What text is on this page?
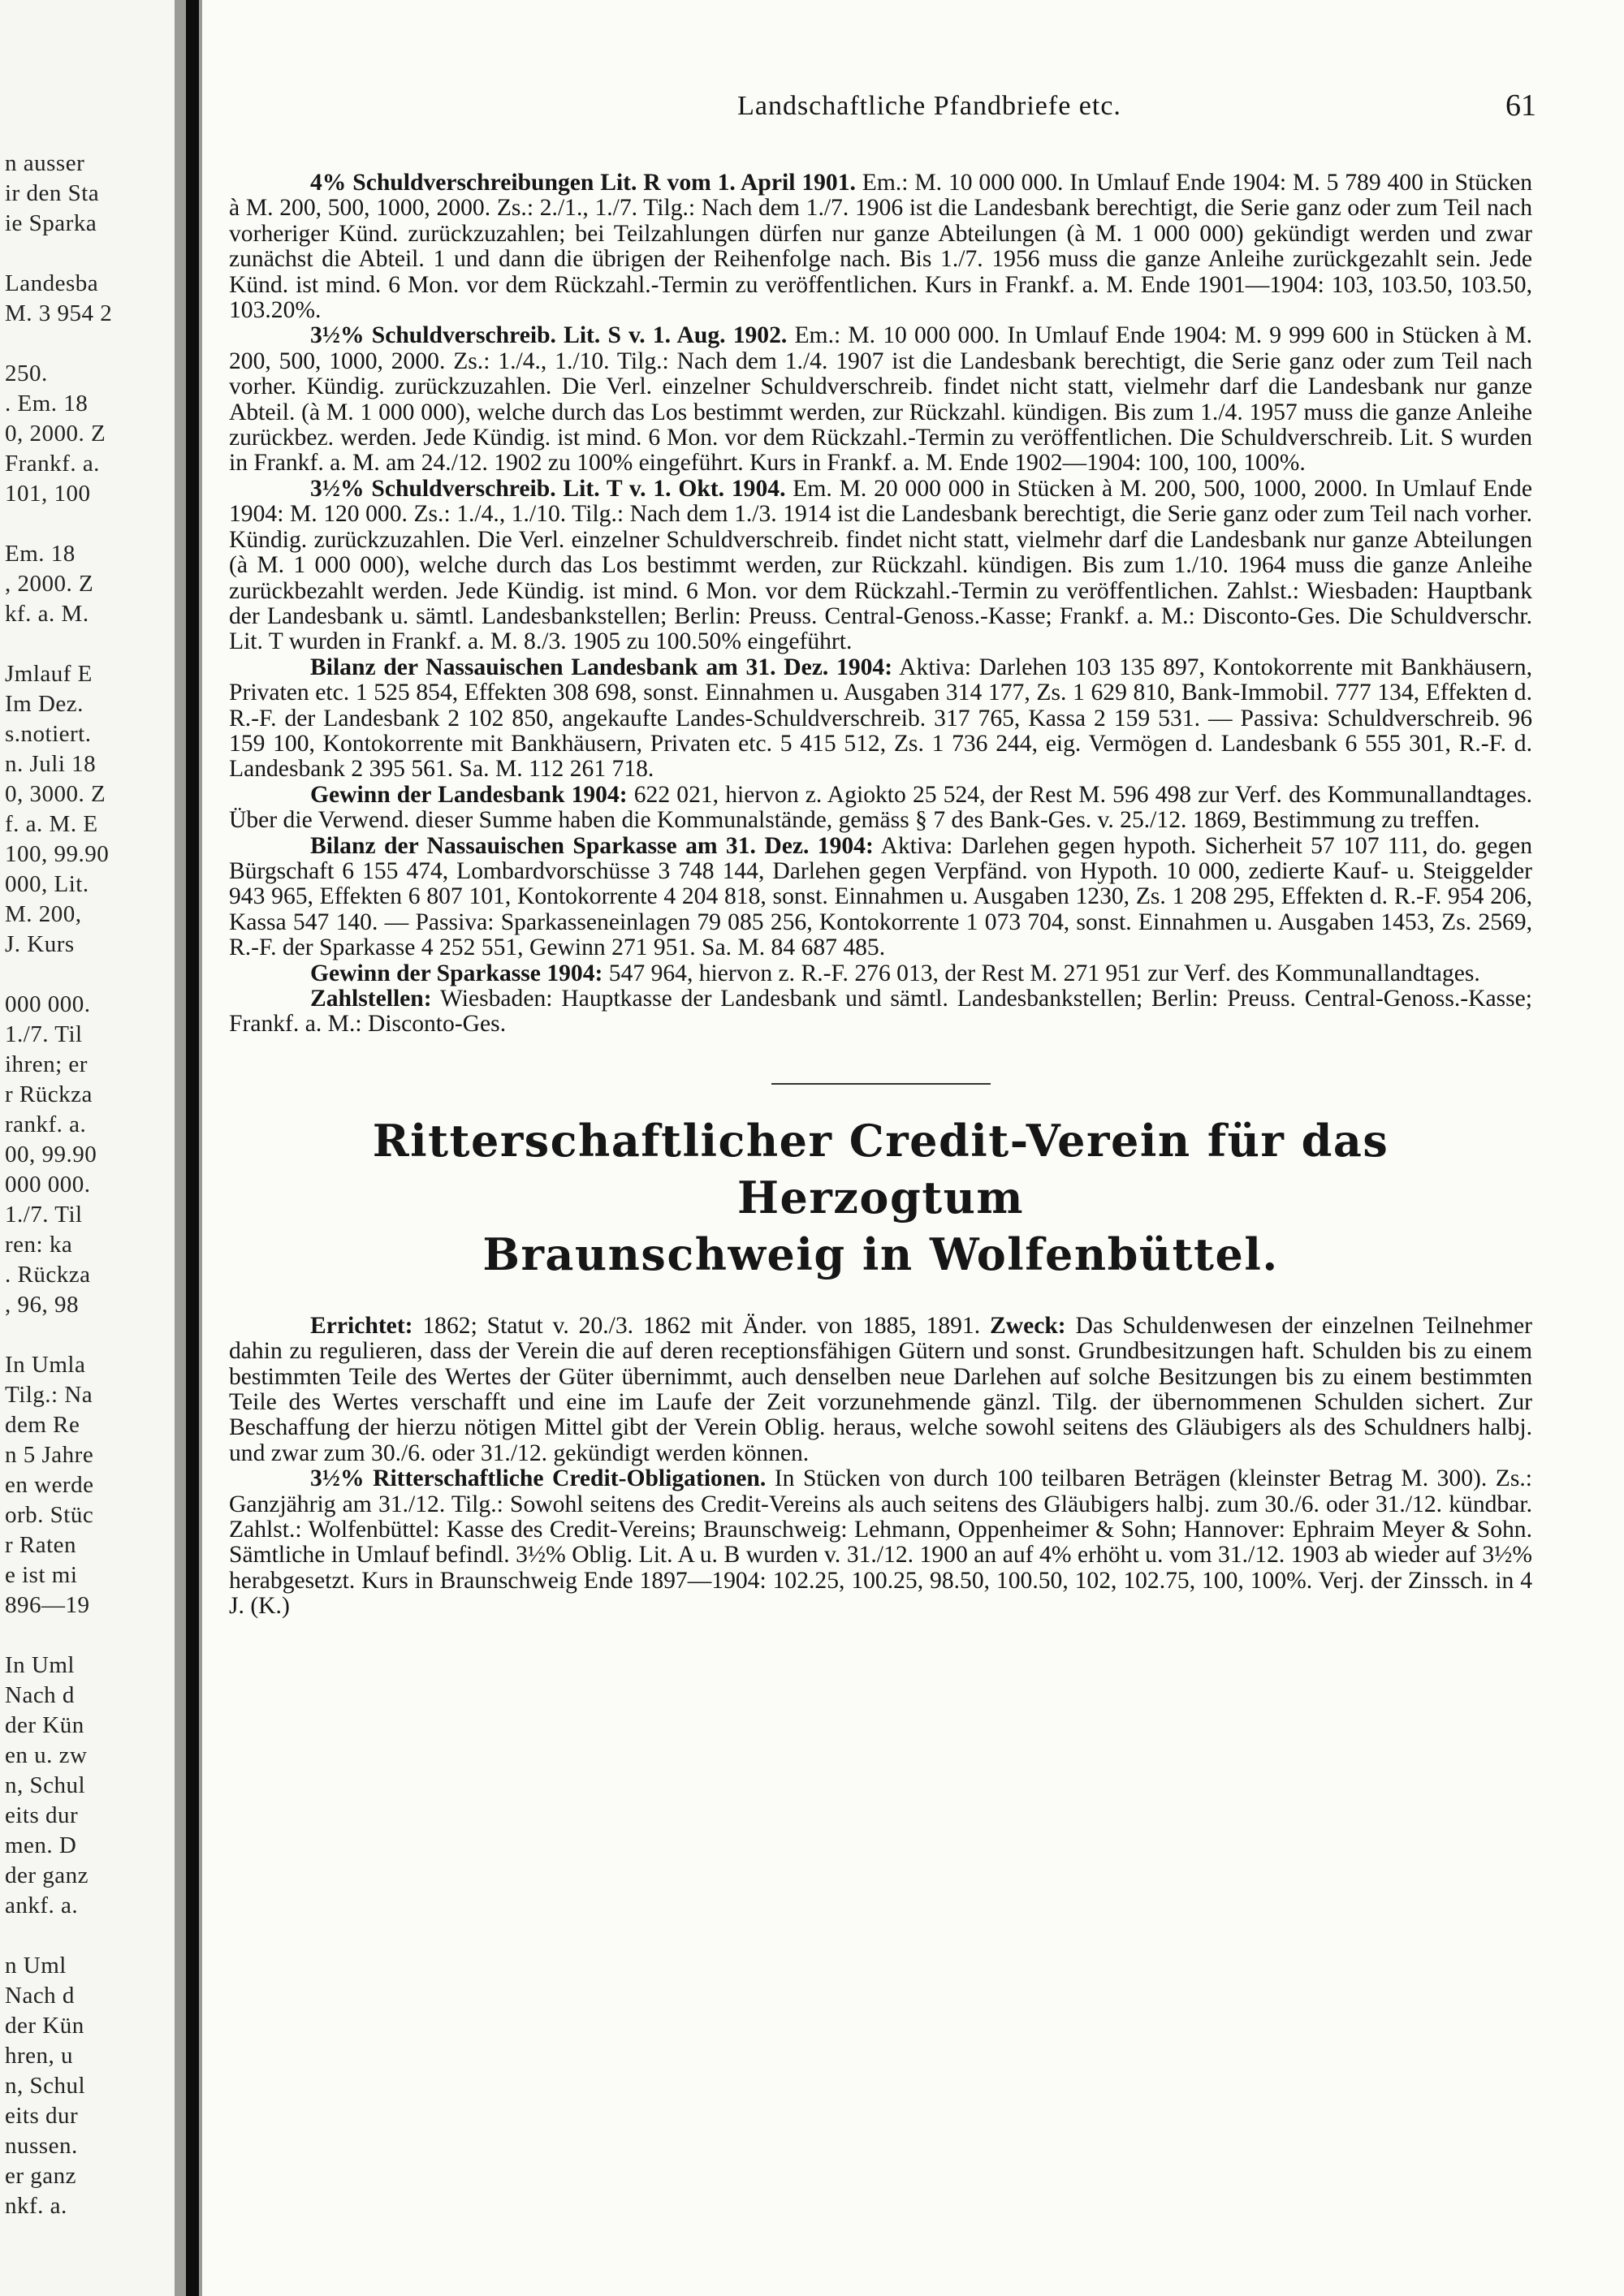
n ausser
ir den Sta
ie Sparka
Landesba
M. 3 954 2
250.
. Em. 18
0, 2000. Z
Frankf. a.
101, 100
Em. 18
, 2000. Z
kf. a. M.
Jmlauf E
Im Dez.
s.notiert.
n. Juli 18
0, 3000. Z
f. a. M. E
100, 99.90
000, Lit.
M. 200,
J. Kurs
000 000.
1./7. Til
ihren; er
r Rückza
rankf. a.
00, 99.90
000 000.
1./7. Til
ren: ka
. Rückza
, 96, 98
In Umla
Tilg.: Na
dem Re
n 5 Jahre
en werde
orb. Stüc
r Raten
e ist mi
896—19
In Uml
Nach d
der Kün
en u. zw
n, Schul
eits dur
men. D
der ganz
ankf. a.
n Uml
Nach d
der Kün
hren, u
n, Schul
eits dur
nussen.
er ganz
nkf. a.
Landschaftliche Pfandbriefe etc.	61

4% Schuldverschreibungen Lit. R vom 1. April 1901. Em.: M. 10 000 000. In Umlauf Ende 1904: M. 5 789 400 in Stücken à M. 200, 500, 1000, 2000. Zs.: 2./1., 1./7. Tilg.: Nach dem 1./7. 1906 ist die Landesbank berechtigt, die Serie ganz oder zum Teil nach vorheriger Künd. zurückzuzahlen; bei Teilzahlungen dürfen nur ganze Abteilungen (à M. 1 000 000) gekündigt werden und zwar zunächst die Abteil. 1 und dann die übrigen der Reihenfolge nach. Bis 1./7. 1956 muss die ganze Anleihe zurückgezahlt sein. Jede Künd. ist mind. 6 Mon. vor dem Rückzahl.-Termin zu veröffentlichen. Kurs in Frankf. a. M. Ende 1901—1904: 103, 103.50, 103.50, 103.20%.

3½% Schuldverschreib. Lit. S v. 1. Aug. 1902. Em.: M. 10 000 000. In Umlauf Ende 1904: M. 9 999 600 in Stücken à M. 200, 500, 1000, 2000. Zs.: 1./4., 1./10. Tilg.: Nach dem 1./4. 1907 ist die Landesbank berechtigt, die Serie ganz oder zum Teil nach vorher. Kündig. zurückzuzahlen. Die Verl. einzelner Schuldverschreib. findet nicht statt, vielmehr darf die Landesbank nur ganze Abteil. (à M. 1 000 000), welche durch das Los bestimmt werden, zur Rückzahl. kündigen. Bis zum 1./4. 1957 muss die ganze Anleihe zurückbez. werden. Jede Kündig. ist mind. 6 Mon. vor dem Rückzahl.-Termin zu veröffentlichen. Die Schuldverschreib. Lit. S wurden in Frankf. a. M. am 24./12. 1902 zu 100% eingeführt. Kurs in Frankf. a. M. Ende 1902—1904: 100, 100, 100%.

3½% Schuldverschreib. Lit. T v. 1. Okt. 1904. Em. M. 20 000 000 in Stücken à M. 200, 500, 1000, 2000. In Umlauf Ende 1904: M. 120 000. Zs.: 1./4., 1./10. Tilg.: Nach dem 1./3. 1914 ist die Landesbank berechtigt, die Serie ganz oder zum Teil nach vorher. Kündig. zurückzuzahlen. Die Verl. einzelner Schuldverschreib. findet nicht statt, vielmehr darf die Landesbank nur ganze Abteilungen (à M. 1 000 000), welche durch das Los bestimmt werden, zur Rückzahl. kündigen. Bis zum 1./10. 1964 muss die ganze Anleihe zurückbezahlt werden. Jede Kündig. ist mind. 6 Mon. vor dem Rückzahl.-Termin zu veröffentlichen. Zahlst.: Wiesbaden: Hauptbank der Landesbank u. sämtl. Landesbankstellen; Berlin: Preuss. Central-Genoss.-Kasse; Frankf. a. M.: Disconto-Ges. Die Schuldverschr. Lit. T wurden in Frankf. a. M. 8./3. 1905 zu 100.50% eingeführt.

Bilanz der Nassauischen Landesbank am 31. Dez. 1904: Aktiva: Darlehen 103 135 897, Kontokorrente mit Bankhäusern, Privaten etc. 1 525 854, Effekten 308 698, sonst. Einnahmen u. Ausgaben 314 177, Zs. 1 629 810, Bank-Immobil. 777 134, Effekten d. R.-F. der Landesbank 2 102 850, angekaufte Landes-Schuldverschreib. 317 765, Kassa 2 159 531. — Passiva: Schuldverschreib. 96 159 100, Kontokorrente mit Bankhäusern, Privaten etc. 5 415 512, Zs. 1 736 244, eig. Vermögen d. Landesbank 6 555 301, R.-F. d. Landesbank 2 395 561. Sa. M. 112 261 718.

Gewinn der Landesbank 1904: 622 021, hiervon z. Agiokto 25 524, der Rest M. 596 498 zur Verf. des Kommunallandtages. Über die Verwend. dieser Summe haben die Kommunalstände, gemäss § 7 des Bank-Ges. v. 25./12. 1869, Bestimmung zu treffen.

Bilanz der Nassauischen Sparkasse am 31. Dez. 1904: Aktiva: Darlehen gegen hypoth. Sicherheit 57 107 111, do. gegen Bürgschaft 6 155 474, Lombardvorschüsse 3 748 144, Darlehen gegen Verpfänd. von Hypoth. 10 000, zedierte Kauf- u. Steiggelder 943 965, Effekten 6 807 101, Kontokorrente 4 204 818, sonst. Einnahmen u. Ausgaben 1230, Zs. 1 208 295, Effekten d. R.-F. 954 206, Kassa 547 140. — Passiva: Sparkasseneinlagen 79 085 256, Kontokorrente 1 073 704, sonst. Einnahmen u. Ausgaben 1453, Zs. 2569, R.-F. der Sparkasse 4 252 551, Gewinn 271 951. Sa. M. 84 687 485.

Gewinn der Sparkasse 1904: 547 964, hiervon z. R.-F. 276 013, der Rest M. 271 951 zur Verf. des Kommunallandtages.

Zahlstellen: Wiesbaden: Hauptkasse der Landesbank und sämtl. Landesbankstellen; Berlin: Preuss. Central-Genoss.-Kasse; Frankf. a. M.: Disconto-Ges.

Ritterschaftlicher Credit-Verein für das Herzogtum
Braunschweig in Wolfenbüttel.

Errichtet: 1862; Statut v. 20./3. 1862 mit Änder. von 1885, 1891. Zweck: Das Schuldenwesen der einzelnen Teilnehmer dahin zu regulieren, dass der Verein die auf deren receptionsfähigen Gütern und sonst. Grundbesitzungen haft. Schulden bis zu einem bestimmten Teile des Wertes der Güter übernimmt, auch denselben neue Darlehen auf solche Besitzungen bis zu einem bestimmten Teile des Wertes verschafft und eine im Laufe der Zeit vorzunehmende gänzl. Tilg. der übernommenen Schulden sichert. Zur Beschaffung der hierzu nötigen Mittel gibt der Verein Oblig. heraus, welche sowohl seitens des Gläubigers als des Schuldners halbj. und zwar zum 30./6. oder 31./12. gekündigt werden können.

3½% Ritterschaftliche Credit-Obligationen. In Stücken von durch 100 teilbaren Beträgen (kleinster Betrag M. 300). Zs.: Ganzjährig am 31./12. Tilg.: Sowohl seitens des Credit-Vereins als auch seitens des Gläubigers halbj. zum 30./6. oder 31./12. kündbar. Zahlst.: Wolfenbüttel: Kasse des Credit-Vereins; Braunschweig: Lehmann, Oppenheimer & Sohn; Hannover: Ephraim Meyer & Sohn. Sämtliche in Umlauf befindl. 3½% Oblig. Lit. A u. B wurden v. 31./12. 1900 an auf 4% erhöht u. vom 31./12. 1903 ab wieder auf 3½% herabgesetzt. Kurs in Braunschweig Ende 1897—1904: 102.25, 100.25, 98.50, 100.50, 102, 102.75, 100, 100%. Verj. der Zinssch. in 4 J. (K.)
